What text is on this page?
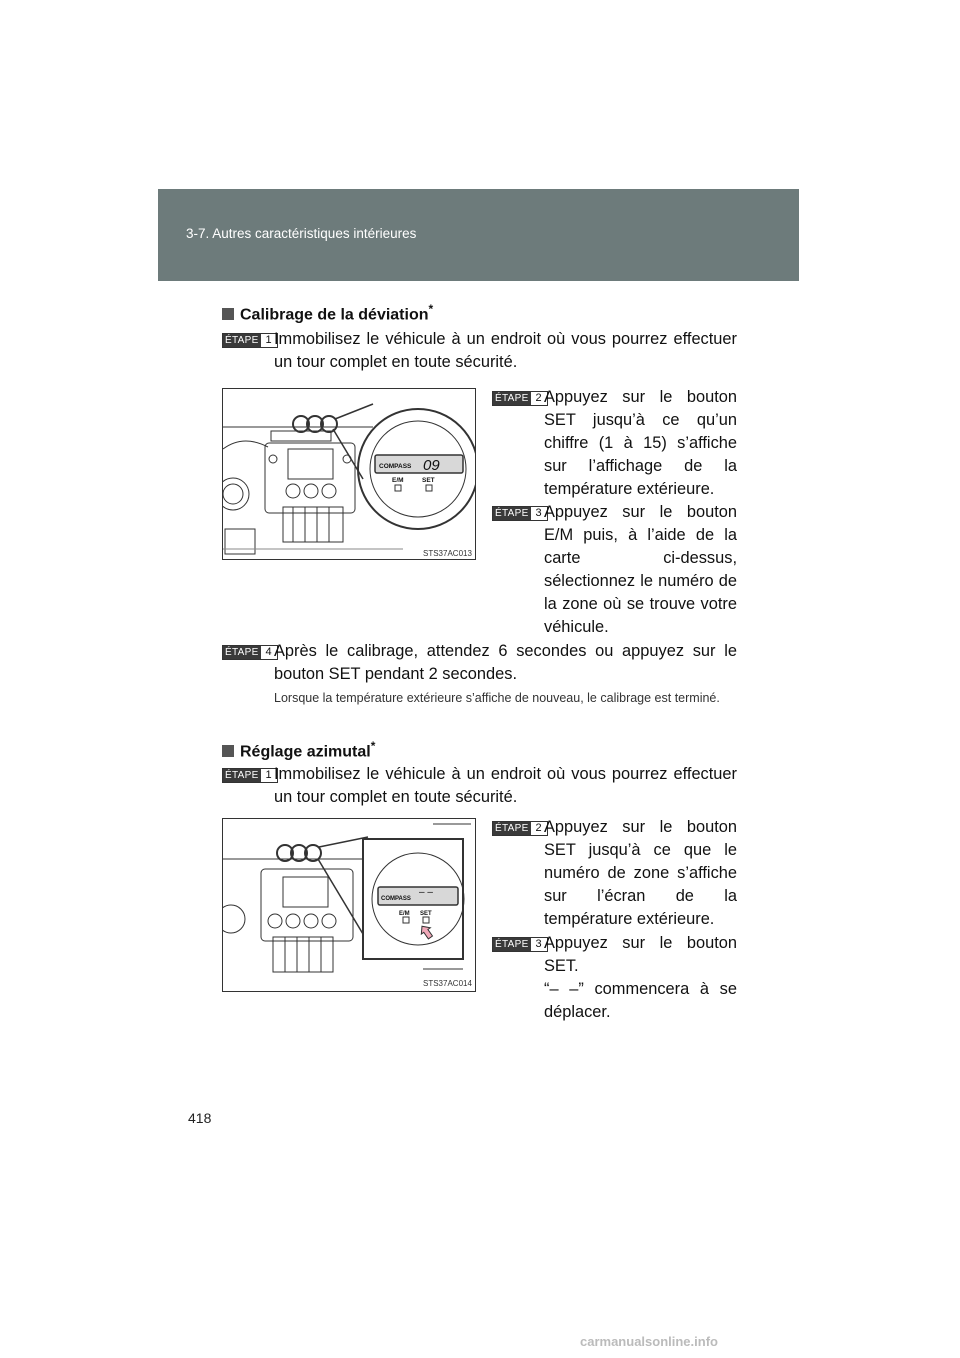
3-7. Autres caractéristiques intérieures
Calibrage de la déviation*
ÉTAPE 1 Immobilisez le véhicule à un endroit où vous pourrez effectuer un tour complet en toute sécurité.
COMPASS 09
E/M	SET
STS37AC013
ÉTAPE 2 Appuyez sur le bouton SET jusqu’à ce qu’un chiffre (1 à 15) s’affiche sur l’affichage de la température extérieure.
ÉTAPE 3 Appuyez sur le bouton E/M puis, à l’aide de la carte ci-dessus, sélectionnez le numéro de la zone où se trouve votre véhicule.
ÉTAPE 4 Après le calibrage, attendez 6 secondes ou appuyez sur le bouton SET pendant 2 secondes.
Lorsque la température extérieure s’affiche de nouveau, le calibrage est terminé.
Réglage azimutal*
ÉTAPE 1 Immobilisez le véhicule à un endroit où vous pourrez effectuer un tour complet en toute sécurité.
COMPASS
– –
E/M SET
STS37AC014
ÉTAPE 2 Appuyez sur le bouton SET jusqu’à ce que le numéro de zone s’affiche sur l’écran de la température extérieure.
ÉTAPE 3 Appuyez sur le bouton SET.
“– –” commencera à se déplacer.
418
carmanualsonline.info
